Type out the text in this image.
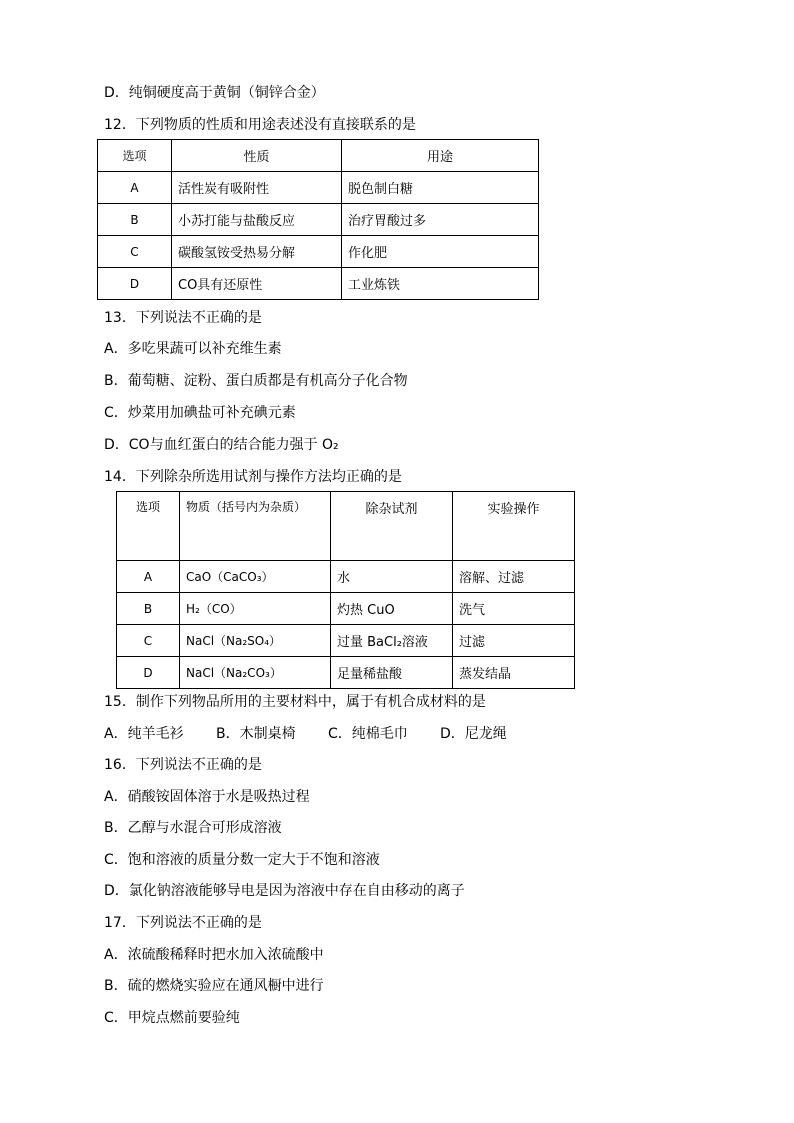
D．纯铜硬度高于黄铜（铜锌合金）
12．下列物质的性质和用途表述没有直接联系的是
选项	性质	用途
A	活性炭有吸附性	脱色制白糖
B	小苏打能与盐酸反应	治疗胃酸过多
C	碳酸氢铵受热易分解	作化肥
D	CO具有还原性	工业炼铁
13．下列说法不正确的是
A．多吃果蔬可以补充维生素
B．葡萄糖、淀粉、蛋白质都是有机高分子化合物
C．炒菜用加碘盐可补充碘元素
D．CO与血红蛋白的结合能力强于 O₂
14．下列除杂所选用试剂与操作方法均正确的是
选项	物质（括号内为杂质）	除杂试剂	实验操作
A	CaO（CaCO₃）	水	溶解、过滤
B	H₂（CO）	灼热 CuO	洗气
C	NaCl（Na₂SO₄）	过量 BaCl₂溶液	过滤
D	NaCl（Na₂CO₃）	足量稀盐酸	蒸发结晶
15．制作下列物品所用的主要材料中，属于有机合成材料的是
A．纯羊毛衫 B．木制桌椅 C．纯棉毛巾 D．尼龙绳
16．下列说法不正确的是
A．硝酸铵固体溶于水是吸热过程
B．乙醇与水混合可形成溶液
C．饱和溶液的质量分数一定大于不饱和溶液
D．氯化钠溶液能够导电是因为溶液中存在自由移动的离子
17．下列说法不正确的是
A．浓硫酸稀释时把水加入浓硫酸中
B．硫的燃烧实验应在通风橱中进行
C．甲烷点燃前要验纯
